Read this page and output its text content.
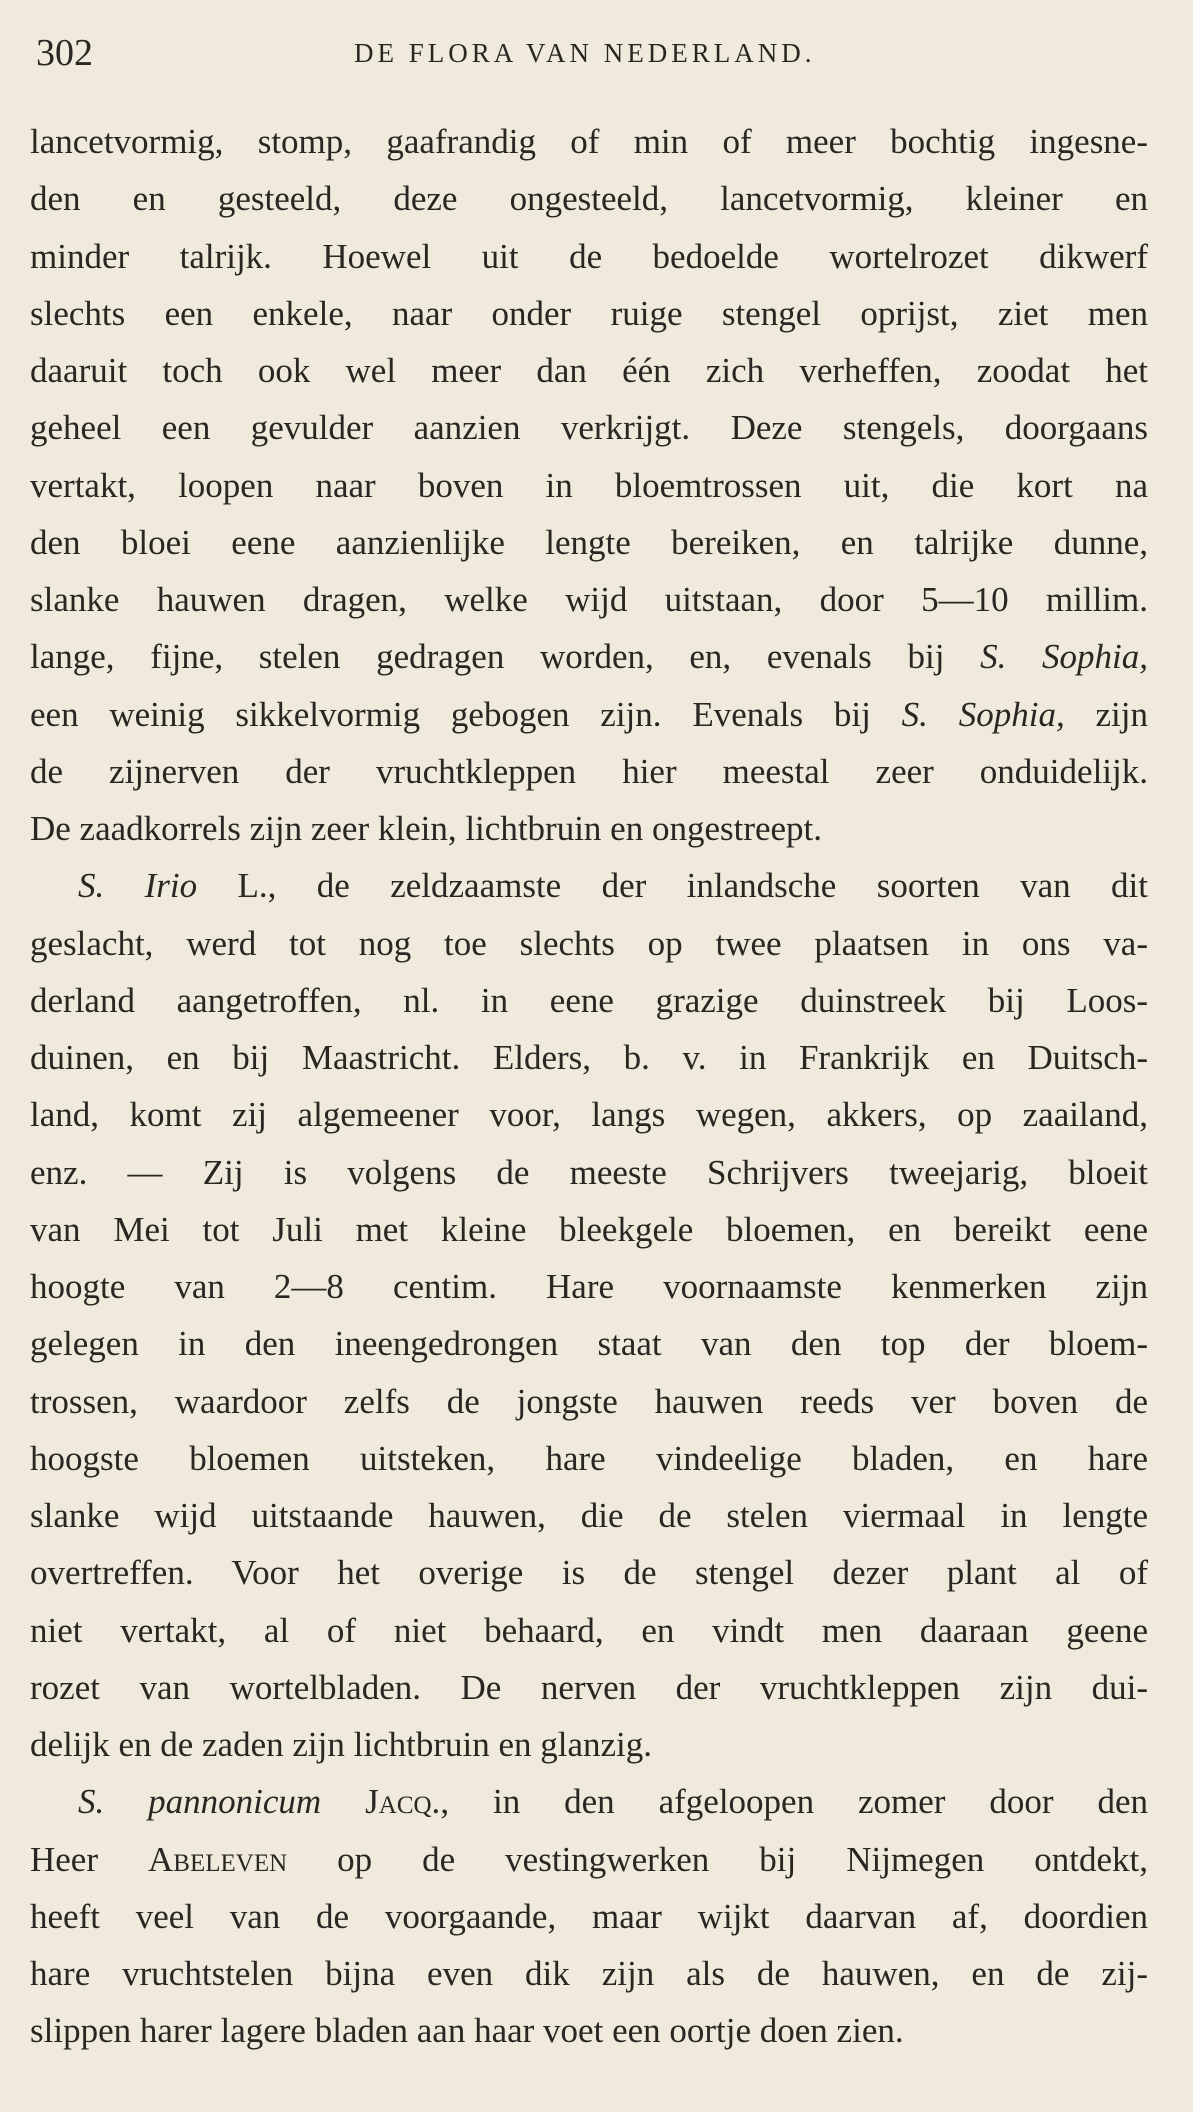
302	DE FLORA VAN NEDERLAND.
lancetvormig, stomp, gaafrandig of min of meer bochtig ingesne-
den en gesteeld, deze ongesteeld, lancetvormig, kleiner en
minder talrijk. Hoewel uit de bedoelde wortelrozet dikwerf
slechts een enkele, naar onder ruige stengel oprijst, ziet men
daaruit toch ook wel meer dan één zich verheffen, zoodat het
geheel een gevulder aanzien verkrijgt. Deze stengels, doorgaans
vertakt, loopen naar boven in bloemtrossen uit, die kort na
den bloei eene aanzienlijke lengte bereiken, en talrijke dunne,
slanke hauwen dragen, welke wijd uitstaan, door 5—10 millim.
lange, fijne, stelen gedragen worden, en, evenals bij S. Sophia,
een weinig sikkelvormig gebogen zijn. Evenals bij S. Sophia, zijn
de zijnerven der vruchtkleppen hier meestal zeer onduidelijk.
De zaadkorrels zijn zeer klein, lichtbruin en ongestreept.
S. Irio L., de zeldzaamste der inlandsche soorten van dit
geslacht, werd tot nog toe slechts op twee plaatsen in ons va-
derland aangetroffen, nl. in eene grazige duinstreek bij Loos-
duinen, en bij Maastricht. Elders, b. v. in Frankrijk en Duitsch-
land, komt zij algemeener voor, langs wegen, akkers, op zaailand,
enz. — Zij is volgens de meeste Schrijvers tweejarig, bloeit
van Mei tot Juli met kleine bleekgele bloemen, en bereikt eene
hoogte van 2—8 centim. Hare voornaamste kenmerken zijn
gelegen in den ineengedrongen staat van den top der bloem-
trossen, waardoor zelfs de jongste hauwen reeds ver boven de
hoogste bloemen uitsteken, hare vindeelige bladen, en hare
slanke wijd uitstaande hauwen, die de stelen viermaal in lengte
overtreffen. Voor het overige is de stengel dezer plant al of
niet vertakt, al of niet behaard, en vindt men daaraan geene
rozet van wortelbladen. De nerven der vruchtkleppen zijn dui-
delijk en de zaden zijn lichtbruin en glanzig.
S. pannonicum Jacq., in den afgeloopen zomer door den
Heer Abeleven op de vestingwerken bij Nijmegen ontdekt,
heeft veel van de voorgaande, maar wijkt daarvan af, doordien
hare vruchtstelen bijna even dik zijn als de hauwen, en de zij-
slippen harer lagere bladen aan haar voet een oortje doen zien.
